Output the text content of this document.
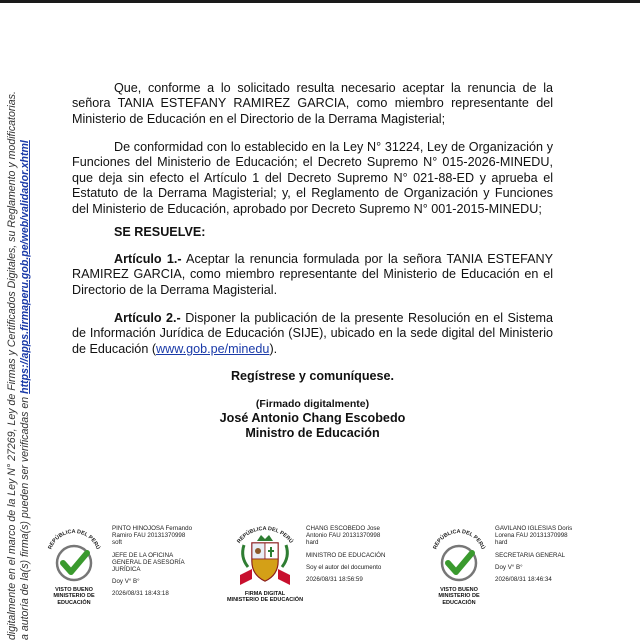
digitalmente en el marco de la Ley N° 27269, Ley de Firmas y Certificados Digitales, su Reglamento y modificatorias. a autoría de la(s) firma(s) pueden ser verificadas en https://apps.firmaperu.gob.pe/web/validador.xhtml

Que, conforme a lo solicitado resulta necesario aceptar la renuncia de la señora TANIA ESTEFANY RAMIREZ GARCIA, como miembro representante del Ministerio de Educación en el Directorio de la Derrama Magisterial;

De conformidad con lo establecido en la Ley N° 31224, Ley de Organización y Funciones del Ministerio de Educación; el Decreto Supremo N° 015-2026-MINEDU, que deja sin efecto el Artículo 1 del Decreto Supremo N° 021-88-ED y aprueba el Estatuto de la Derrama Magisterial; y, el Reglamento de Organización y Funciones del Ministerio de Educación, aprobado por Decreto Supremo N° 001-2015-MINEDU;

SE RESUELVE:

Artículo 1.- Aceptar la renuncia formulada por la señora TANIA ESTEFANY RAMIREZ GARCIA, como miembro representante del Ministerio de Educación en el Directorio de la Derrama Magisterial.

Artículo 2.- Disponer la publicación de la presente Resolución en el Sistema de Información Jurídica de Educación (SIJE), ubicado en la sede digital del Ministerio de Educación (www.gob.pe/minedu).

Regístrese y comuníquese.
(Firmado digitalmente)
José Antonio Chang Escobedo
Ministro de Educación
REPÚBLICA DEL PERÚ
VISTO BUENO
MINISTERIO DE EDUCACIÓN
PINTO HINOJOSA Fernando
Ramiro FAU 20131370998
soft
JEFE DE LA OFICINA
GENERAL DE ASESORÍA
JURÍDICA
Doy V° B°
2026/08/31 18:43:18
REPÚBLICA DEL PERÚ
FIRMA DIGITAL
MINISTERIO DE EDUCACIÓN
CHANG ESCOBEDO Jose
Antonio FAU 20131370998
hard
MINISTRO DE EDUCACIÓN
Soy el autor del documento
2026/08/31 18:56:59
REPÚBLICA DEL PERÚ
VISTO BUENO
MINISTERIO DE EDUCACIÓN
GAVILANO IGLESIAS Doris
Lorena FAU 20131370998
hard
SECRETARIA GENERAL
Doy V° B°
2026/08/31 18:46:34
